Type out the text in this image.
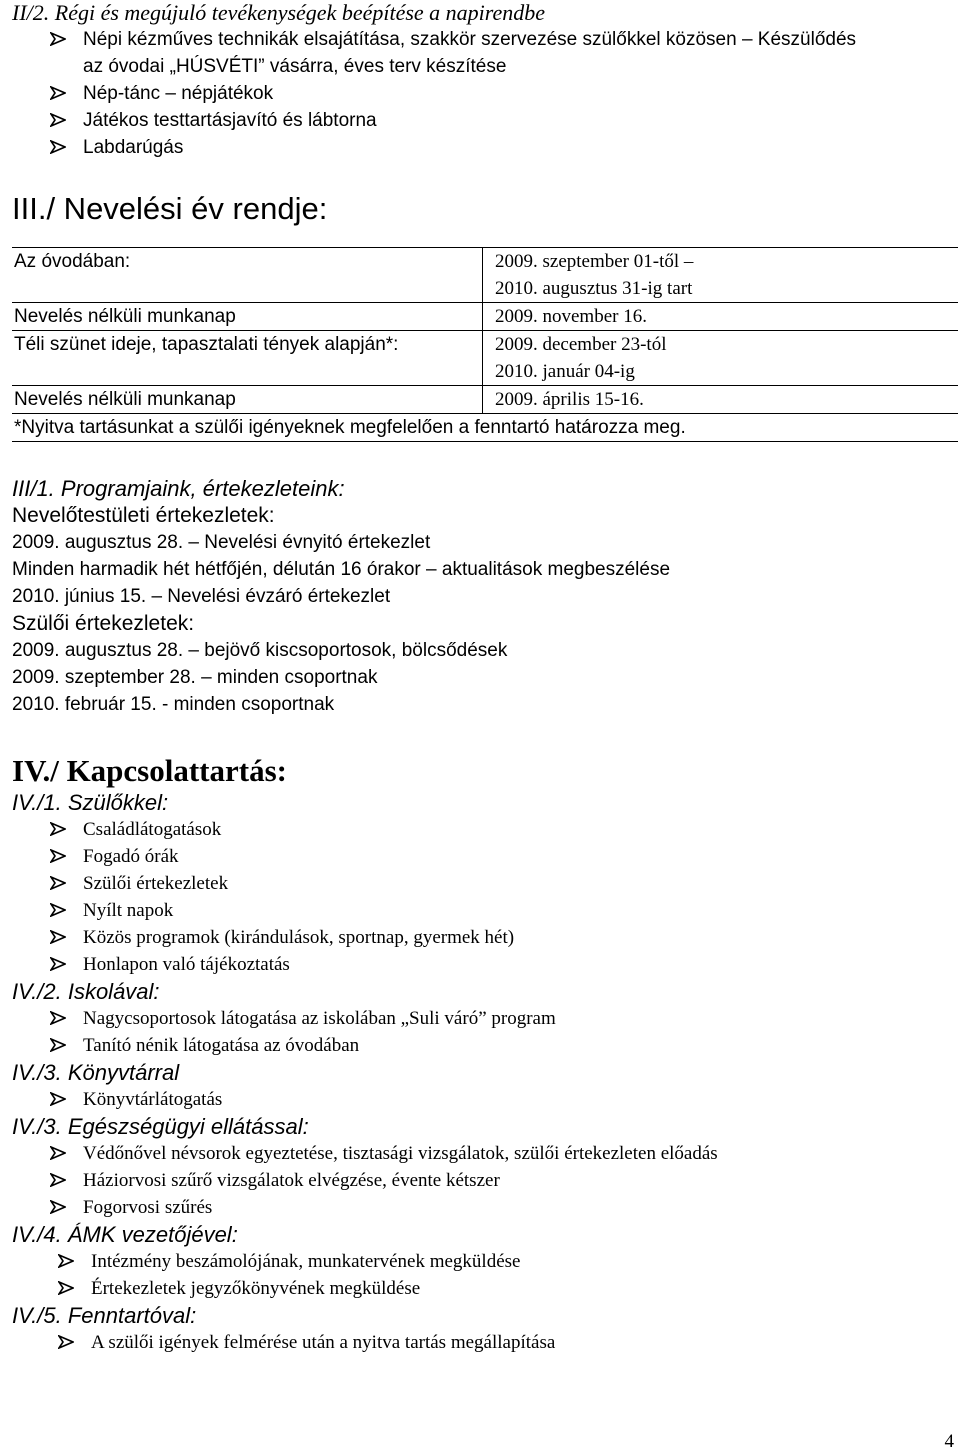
II/2. Régi és megújuló tevékenységek beépítése a napirendbe
Népi kézműves technikák elsajátítása, szakkör szervezése szülőkkel közösen – Készülődés
az óvodai „HÚSVÉTI” vásárra, éves terv készítése
Nép-tánc – népjátékok
Játékos testtartásjavító és lábtorna
Labdarúgás
III./ Nevelési év rendje:
Az óvodában:	2009. szeptember 01-től –
2010. augusztus 31-ig tart
Nevelés nélküli munkanap	2009. november 16.
Téli szünet ideje, tapasztalati tények alapján*:	2009. december 23-tól
2010. január 04-ig
Nevelés nélküli munkanap	2009. április 15-16.
*Nyitva tartásunkat a szülői igényeknek megfelelően a fenntartó határozza meg.
III/1. Programjaink, értekezleteink:
Nevelőtestületi értekezletek:
2009. augusztus 28. – Nevelési évnyitó értekezlet
Minden harmadik hét hétfőjén, délután 16 órakor – aktualitások megbeszélése
2010. június 15. – Nevelési évzáró értekezlet
Szülői értekezletek:
2009. augusztus 28. – bejövő kiscsoportosok, bölcsődések
2009. szeptember 28. – minden csoportnak
2010. február 15. - minden csoportnak
IV./ Kapcsolattartás:
IV./1. Szülőkkel:
Családlátogatások
Fogadó órák
Szülői értekezletek
Nyílt napok
Közös programok (kirándulások, sportnap, gyermek hét)
Honlapon való tájékoztatás
IV./2. Iskolával:
Nagycsoportosok látogatása az iskolában „Suli váró” program
Tanító nénik látogatása az óvodában
IV./3. Könyvtárral
Könyvtárlátogatás
IV./3. Egészségügyi ellátással:
Védőnővel névsorok egyeztetése, tisztasági vizsgálatok, szülői értekezleten előadás
Háziorvosi szűrő vizsgálatok elvégzése, évente kétszer
Fogorvosi szűrés
IV./4. ÁMK vezetőjével:
Intézmény beszámolójának, munkatervének megküldése
Értekezletek jegyzőkönyvének megküldése
IV./5. Fenntartóval:
A szülői igények felmérése után a nyitva tartás megállapítása
4
